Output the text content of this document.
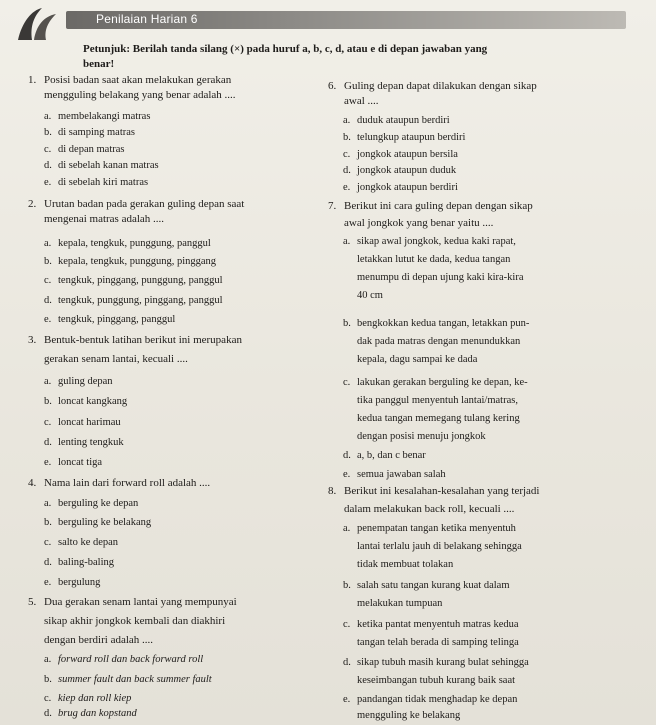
Penilaian Harian 6
Petunjuk: Berilah tanda silang (×) pada huruf a, b, c, d, atau e di depan jawaban yang
benar!
1. Posisi badan saat akan melakukan gerakan
mengguling belakang yang benar adalah ....
a. membelakangi matras
b. di samping matras
c. di depan matras
d. di sebelah kanan matras
e. di sebelah kiri matras
2. Urutan badan pada gerakan guling depan saat
mengenai matras adalah ....
a. kepala, tengkuk, punggung, panggul
b. kepala, tengkuk, punggung, pinggang
c. tengkuk, pinggang, punggung, panggul
d. tengkuk, punggung, pinggang, panggul
e. tengkuk, pinggang, panggul
3. Bentuk-bentuk latihan berikut ini merupakan
gerakan senam lantai, kecuali ....
a. guling depan
b. loncat kangkang
c. loncat harimau
d. lenting tengkuk
e. loncat tiga
4. Nama lain dari forward roll adalah ....
a. berguling ke depan
b. berguling ke belakang
c. salto ke depan
d. baling-baling
e. bergulung
5. Dua gerakan senam lantai yang mempunyai
sikap akhir jongkok kembali dan diakhiri
dengan berdiri adalah ....
a. forward roll dan back forward roll
b. summer fault dan back summer fault
c. kiep dan roll kiep
d. brug dan kopstand
6. Guling depan dapat dilakukan dengan sikap
awal ....
a. duduk ataupun berdiri
b. telungkup ataupun berdiri
c. jongkok ataupun bersila
d. jongkok ataupun duduk
e. jongkok ataupun berdiri
7. Berikut ini cara guling depan dengan sikap
awal jongkok yang benar yaitu ....
a. sikap awal jongkok, kedua kaki rapat,
letakkan lutut ke dada, kedua tangan
menumpu di depan ujung kaki kira-kira
40 cm
b. bengkokkan kedua tangan, letakkan pun-
dak pada matras dengan menundukkan
kepala, dagu sampai ke dada
c. lakukan gerakan berguling ke depan, ke-
tika panggul menyentuh lantai/matras,
kedua tangan memegang tulang kering
dengan posisi menuju jongkok
d. a, b, dan c benar
e. semua jawaban salah
8. Berikut ini kesalahan-kesalahan yang terjadi
dalam melakukan back roll, kecuali ....
a. penempatan tangan ketika menyentuh
lantai terlalu jauh di belakang sehingga
tidak membuat tolakan
b. salah satu tangan kurang kuat dalam
melakukan tumpuan
c. ketika pantat menyentuh matras kedua
tangan telah berada di samping telinga
d. sikap tubuh masih kurang bulat sehingga
keseimbangan tubuh kurang baik saat
e. pandangan tidak menghadap ke depan
mengguling ke belakang
